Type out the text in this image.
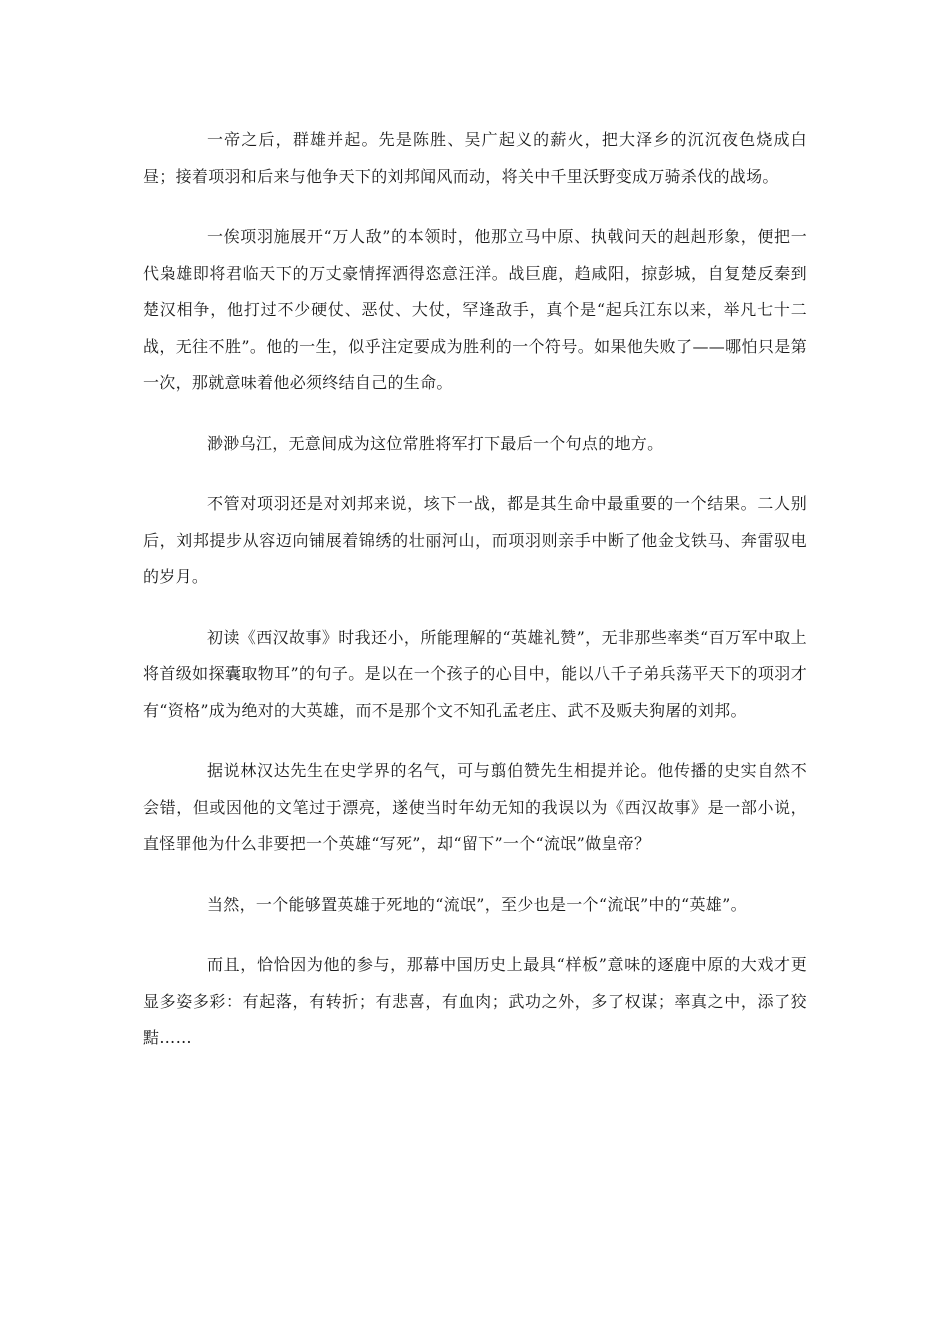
一帝之后，群雄并起。先是陈胜、吴广起义的薪火，把大泽乡的沉沉夜色烧成白昼；接着项羽和后来与他争天下的刘邦闻风而动，将关中千里沃野变成万骑杀伐的战场。

一俟项羽施展开“万人敌”的本领时，他那立马中原、执戟问天的赳赳形象，便把一代枭雄即将君临天下的万丈豪情挥洒得恣意汪洋。战巨鹿，趋咸阳，掠彭城，自复楚反秦到楚汉相争，他打过不少硬仗、恶仗、大仗，罕逢敌手，真个是“起兵江东以来，举凡七十二战，无往不胜”。他的一生，似乎注定要成为胜利的一个符号。如果他失败了——哪怕只是第一次，那就意味着他必须终结自己的生命。

渺渺乌江，无意间成为这位常胜将军打下最后一个句点的地方。

不管对项羽还是对刘邦来说，垓下一战，都是其生命中最重要的一个结果。二人别后，刘邦提步从容迈向铺展着锦绣的壮丽河山，而项羽则亲手中断了他金戈铁马、奔雷驭电的岁月。

初读《西汉故事》时我还小，所能理解的“英雄礼赞”，无非那些率类“百万军中取上将首级如探囊取物耳”的句子。是以在一个孩子的心目中，能以八千子弟兵荡平天下的项羽才有“资格”成为绝对的大英雄，而不是那个文不知孔孟老庄、武不及贩夫狗屠的刘邦。

据说林汉达先生在史学界的名气，可与翦伯赞先生相提并论。他传播的史实自然不会错，但或因他的文笔过于漂亮，遂使当时年幼无知的我误以为《西汉故事》是一部小说，直怪罪他为什么非要把一个英雄“写死”，却“留下”一个“流氓”做皇帝？

当然，一个能够置英雄于死地的“流氓”，至少也是一个“流氓”中的“英雄”。

而且，恰恰因为他的参与，那幕中国历史上最具“样板”意味的逐鹿中原的大戏才更显多姿多彩：有起落，有转折；有悲喜，有血肉；武功之外，多了权谋；率真之中，添了狡黠……
